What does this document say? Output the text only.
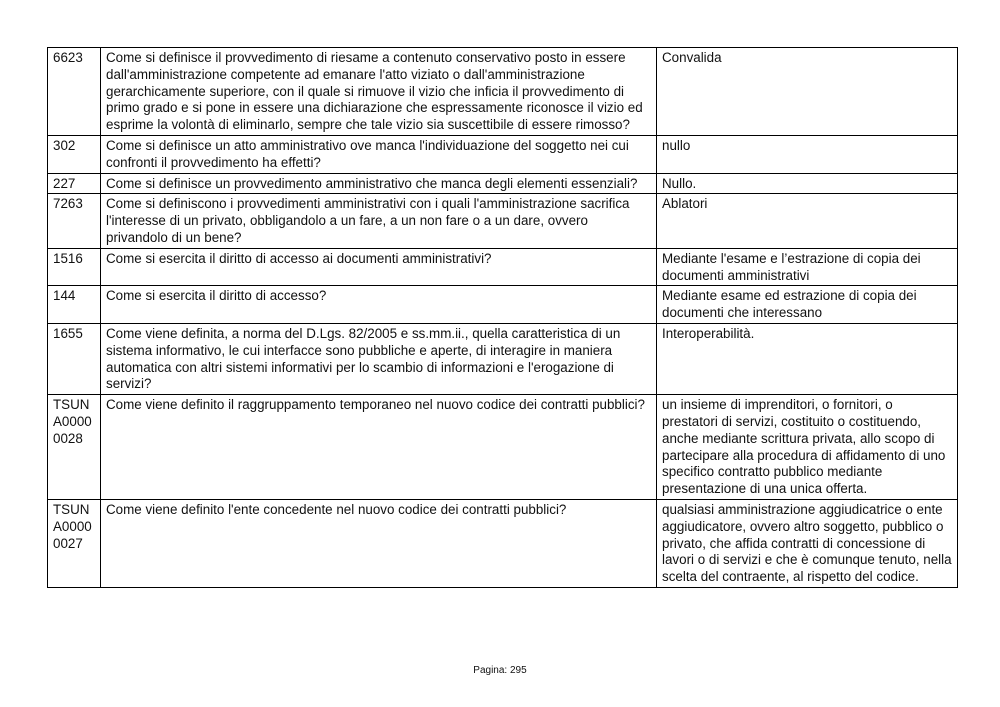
6623	Come si definisce il provvedimento di riesame a contenuto conservativo posto in essere dall'amministrazione competente ad emanare l'atto viziato o dall'amministrazione gerarchicamente superiore, con il quale si rimuove il vizio che inficia il provvedimento di primo grado e si pone in essere una dichiarazione che espressamente riconosce il vizio ed esprime la volontà di eliminarlo, sempre che tale vizio sia suscettibile di essere rimosso?	Convalida
302	Come si definisce un atto amministrativo ove manca l'individuazione del soggetto nei cui confronti il provvedimento ha effetti?	nullo
227	Come si definisce un provvedimento amministrativo che manca degli elementi essenziali?	Nullo.
7263	Come si definiscono i provvedimenti amministrativi con i quali l'amministrazione sacrifica l'interesse di un privato, obbligandolo a un fare, a un non fare o a un dare, ovvero privandolo di un bene?	Ablatori
1516	Come si esercita il diritto di accesso ai documenti amministrativi?	Mediante l'esame e l’estrazione di copia dei documenti amministrativi
144	Come si esercita il diritto di accesso?	Mediante esame ed estrazione di copia dei documenti che interessano
1655	Come viene definita, a norma del D.Lgs. 82/2005 e ss.mm.ii., quella caratteristica di un sistema informativo, le cui interfacce sono pubbliche e aperte, di interagire in maniera automatica con altri sistemi informativi per lo scambio di informazioni e l'erogazione di servizi?	Interoperabilità.
TSUNA00000028	Come viene definito il raggruppamento temporaneo nel nuovo codice dei contratti pubblici?	un insieme di imprenditori, o fornitori, o prestatori di servizi, costituito o costituendo, anche mediante scrittura privata, allo scopo di partecipare alla procedura di affidamento di uno specifico contratto pubblico mediante presentazione di una unica offerta.
TSUNA00000027	Come viene definito l'ente concedente nel nuovo codice dei contratti pubblici?	qualsiasi amministrazione aggiudicatrice o ente aggiudicatore, ovvero altro soggetto, pubblico o privato, che affida contratti di concessione di lavori o di servizi e che è comunque tenuto, nella scelta del contraente, al rispetto del codice.
Pagina: 295
